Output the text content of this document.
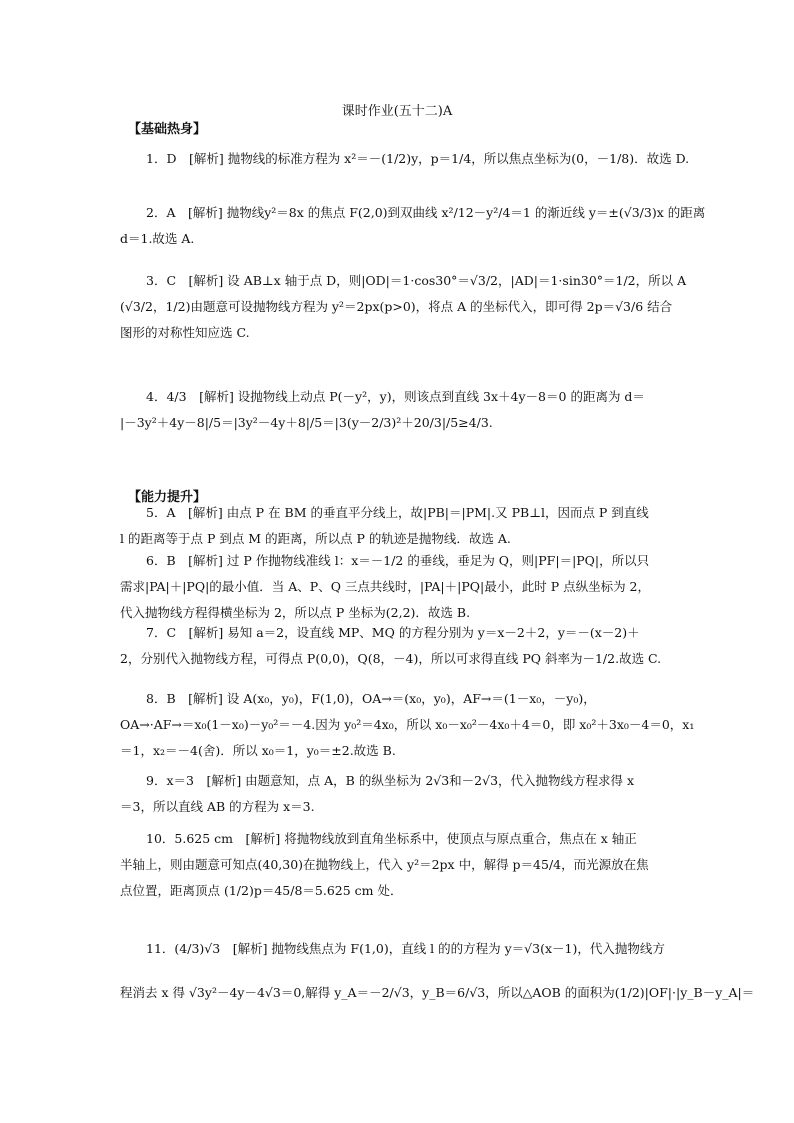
课时作业(五十二)A
【基础热身】
1．D　[解析] 抛物线的标准方程为 x²＝－(1/2)y，p＝1/4，所以焦点坐标为(0，－1/8)．故选 D.
2．A　[解析] 抛物线y²＝8x 的焦点 F(2,0)到双曲线 x²/12－y²/4＝1 的渐近线 y＝±(√3/3)x 的距离
d＝1.故选 A.
3．C　[解析] 设 AB⊥x 轴于点 D，则|OD|＝1·cos30°＝√3/2，|AD|＝1·sin30°＝1/2，所以 A
(√3/2，1/2)由题意可设抛物线方程为 y²＝2px(p>0)，将点 A 的坐标代入，即可得 2p＝√3/6 结合
图形的对称性知应选 C.
4．4/3　[解析] 设抛物线上动点 P(－y²，y)，则该点到直线 3x＋4y－8＝0 的距离为 d＝
|－3y²＋4y－8|/5＝|3y²－4y＋8|/5＝|3(y－2/3)²＋20/3|/5≥4/3.
【能力提升】
5．A　[解析] 由点 P 在 BM 的垂直平分线上，故|PB|＝|PM|.又 PB⊥l，因而点 P 到直线
l 的距离等于点 P 到点 M 的距离，所以点 P 的轨迹是抛物线．故选 A.
6．B　[解析] 过 P 作抛物线准线 l：x＝－1/2 的垂线，垂足为 Q，则|PF|＝|PQ|，所以只
需求|PA|＋|PQ|的最小值．当 A、P、Q 三点共线时，|PA|＋|PQ|最小，此时 P 点纵坐标为 2，
代入抛物线方程得横坐标为 2，所以点 P 坐标为(2,2)．故选 B.
7．C　[解析] 易知 a＝2，设直线 MP、MQ 的方程分别为 y＝x－2＋2，y＝－(x－2)＋
2，分别代入抛物线方程，可得点 P(0,0)，Q(8，－4)，所以可求得直线 PQ 斜率为－1/2.故选 C.
8．B　[解析] 设 A(x₀，y₀)，F(1,0)，OA→＝(x₀，y₀)，AF→＝(1－x₀，－y₀)，
OA→·AF→＝x₀(1－x₀)－y₀²＝－4.因为 y₀²＝4x₀，所以 x₀－x₀²－4x₀＋4＝0，即 x₀²＋3x₀－4＝0，x₁
＝1，x₂＝－4(舍)．所以 x₀＝1，y₀＝±2.故选 B.
9．x＝3　[解析] 由题意知，点 A，B 的纵坐标为 2√3和－2√3，代入抛物线方程求得 x
＝3，所以直线 AB 的方程为 x＝3.
10．5.625 cm　[解析] 将抛物线放到直角坐标系中，使顶点与原点重合，焦点在 x 轴正
半轴上，则由题意可知点(40,30)在抛物线上，代入 y²＝2px 中，解得 p＝45/4，而光源放在焦
点位置，距离顶点 (1/2)p＝45/8＝5.625 cm 处．
11．(4/3)√3　[解析] 抛物线焦点为 F(1,0)，直线 l 的的方程为 y＝√3(x－1)，代入抛物线方
程消去 x 得 √3y²－4y－4√3＝0,解得 y_A＝－2/√3，y_B＝6/√3，所以△AOB 的面积为(1/2)|OF|·|y_B－y_A|＝
